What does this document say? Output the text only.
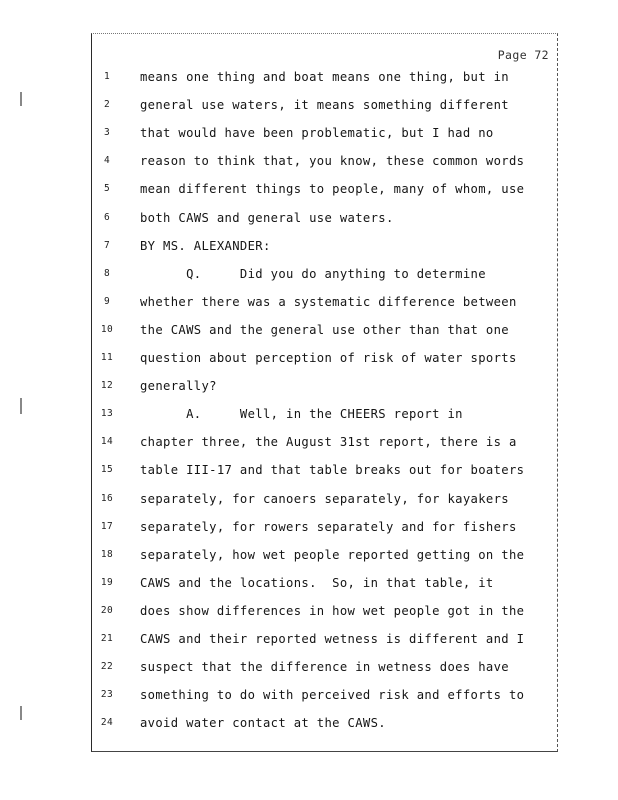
Page 72
1	means one thing and boat means one thing, but in
2	general use waters, it means something different
3	that would have been problematic, but I had no
4	reason to think that, you know, these common words
5	mean different things to people, many of whom, use
6	both CAWS and general use waters.
7	BY MS. ALEXANDER:
8	Q.     Did you do anything to determine
9	whether there was a systematic difference between
10	the CAWS and the general use other than that one
11	question about perception of risk of water sports
12	generally?
13	A.     Well, in the CHEERS report in
14	chapter three, the August 31st report, there is a
15	table III-17 and that table breaks out for boaters
16	separately, for canoers separately, for kayakers
17	separately, for rowers separately and for fishers
18	separately, how wet people reported getting on the
19	CAWS and the locations.  So, in that table, it
20	does show differences in how wet people got in the
21	CAWS and their reported wetness is different and I
22	suspect that the difference in wetness does have
23	something to do with perceived risk and efforts to
24	avoid water contact at the CAWS.
